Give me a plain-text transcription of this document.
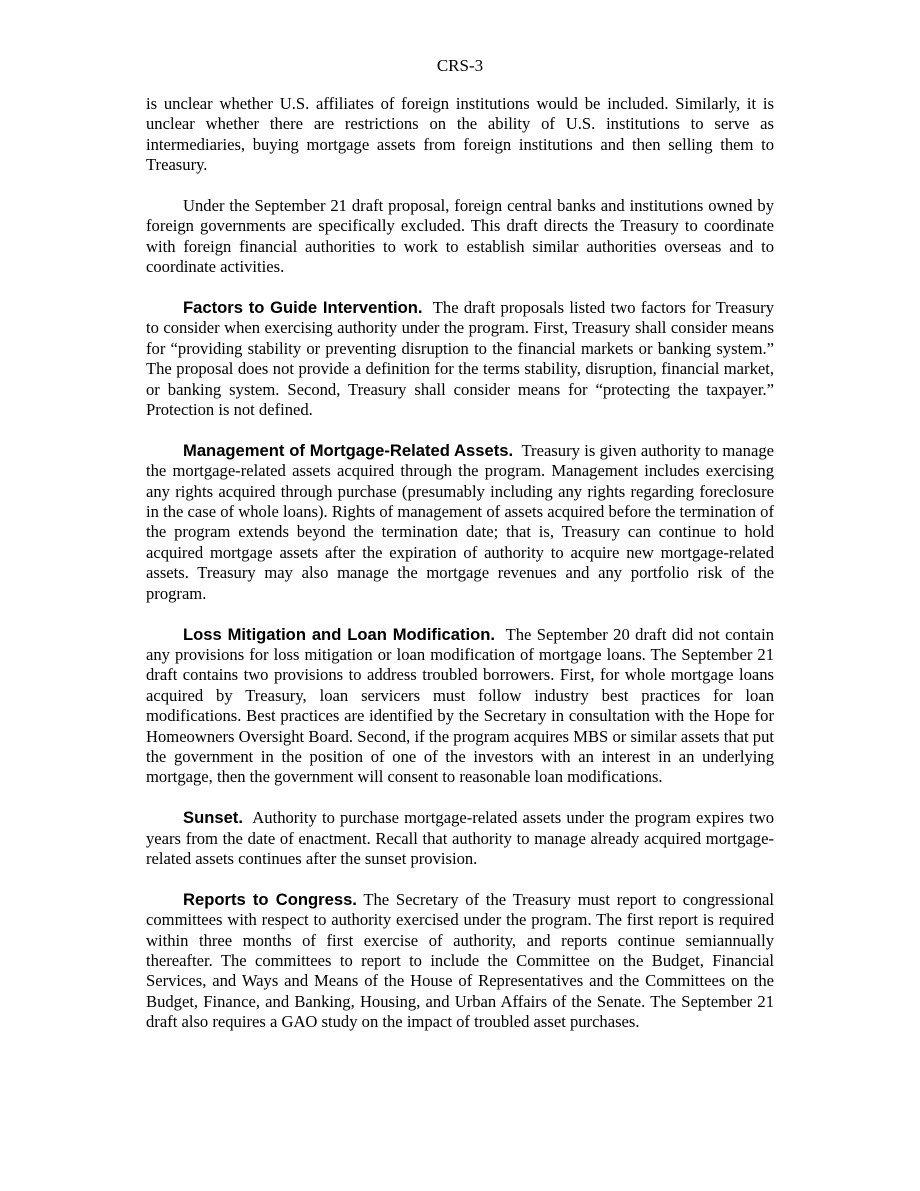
CRS-3

is unclear whether U.S. affiliates of foreign institutions would be included. Similarly, it is unclear whether there are restrictions on the ability of U.S. institutions to serve as intermediaries, buying mortgage assets from foreign institutions and then selling them to Treasury.

Under the September 21 draft proposal, foreign central banks and institutions owned by foreign governments are specifically excluded. This draft directs the Treasury to coordinate with foreign financial authorities to work to establish similar authorities overseas and to coordinate activities.

Factors to Guide Intervention. The draft proposals listed two factors for Treasury to consider when exercising authority under the program. First, Treasury shall consider means for “providing stability or preventing disruption to the financial markets or banking system.” The proposal does not provide a definition for the terms stability, disruption, financial market, or banking system. Second, Treasury shall consider means for “protecting the taxpayer.” Protection is not defined.

Management of Mortgage-Related Assets. Treasury is given authority to manage the mortgage-related assets acquired through the program. Management includes exercising any rights acquired through purchase (presumably including any rights regarding foreclosure in the case of whole loans). Rights of management of assets acquired before the termination of the program extends beyond the termination date; that is, Treasury can continue to hold acquired mortgage assets after the expiration of authority to acquire new mortgage-related assets. Treasury may also manage the mortgage revenues and any portfolio risk of the program.

Loss Mitigation and Loan Modification. The September 20 draft did not contain any provisions for loss mitigation or loan modification of mortgage loans. The September 21 draft contains two provisions to address troubled borrowers. First, for whole mortgage loans acquired by Treasury, loan servicers must follow industry best practices for loan modifications. Best practices are identified by the Secretary in consultation with the Hope for Homeowners Oversight Board. Second, if the program acquires MBS or similar assets that put the government in the position of one of the investors with an interest in an underlying mortgage, then the government will consent to reasonable loan modifications.

Sunset. Authority to purchase mortgage-related assets under the program expires two years from the date of enactment. Recall that authority to manage already acquired mortgage-related assets continues after the sunset provision.

Reports to Congress. The Secretary of the Treasury must report to congressional committees with respect to authority exercised under the program. The first report is required within three months of first exercise of authority, and reports continue semiannually thereafter. The committees to report to include the Committee on the Budget, Financial Services, and Ways and Means of the House of Representatives and the Committees on the Budget, Finance, and Banking, Housing, and Urban Affairs of the Senate. The September 21 draft also requires a GAO study on the impact of troubled asset purchases.
